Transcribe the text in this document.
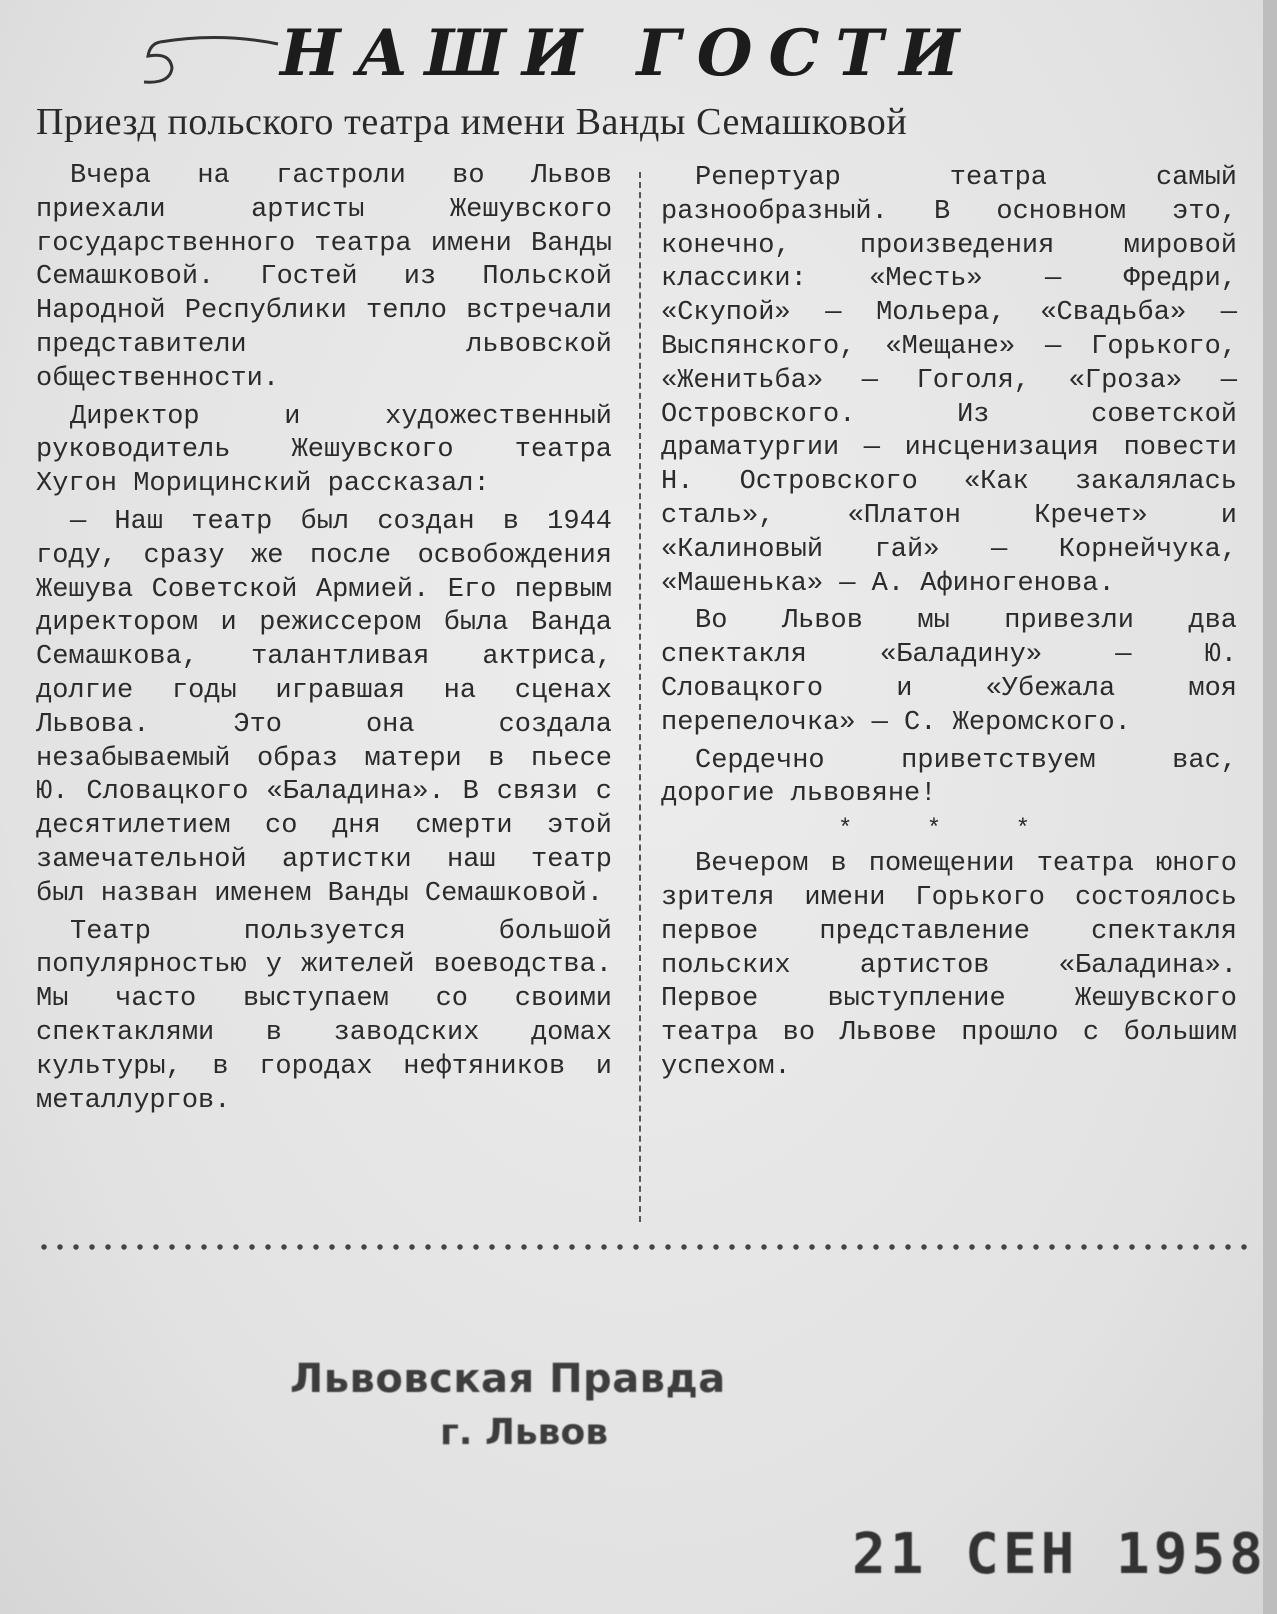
НАШИ ГОСТИ
Приезд польского театра имени Ванды Семашковой

Вчера на гастроли во Львов приехали артисты Жешувского государственного театра имени Ванды Семашковой. Гостей из Польской Народной Республики тепло встречали представители львовской общественности.

Директор и художественный руководитель Жешувского театра Хугон Морицинский рассказал:

— Наш театр был создан в 1944 году, сразу же после освобождения Жешува Советской Армией. Его первым директором и режиссером была Ванда Семашкова, талантливая актриса, долгие годы игравшая на сценах Львова. Это она создала незабываемый образ матери в пьесе Ю. Словацкого «Баладина». В связи с десятилетием со дня смерти этой замечательной артистки наш театр был назван именем Ванды Семашковой.

Театр пользуется большой популярностью у жителей воеводства. Мы часто выступаем со своими спектаклями в заводских домах культуры, в городах нефтяников и металлургов.

Репертуар театра самый разнообразный. В основном это, конечно, произведения мировой классики: «Месть» — Фредри, «Скупой» — Мольера, «Свадьба» — Выспянского, «Мещане» — Горького, «Женитьба» — Гоголя, «Гроза» — Островского. Из советской драматургии — инсценизация повести Н. Островского «Как закалялась сталь», «Платон Кречет» и «Калиновый гай» — Корнейчука, «Машенька» — А. Афиногенова.

Во Львов мы привезли два спектакля «Баладину» — Ю. Словацкого и «Убежала моя перепелочка» — С. Жеромского.

Сердечно приветствуем вас, дорогие львовяне!

* * *

Вечером в помещении театра юного зрителя имени Горького состоялось первое представление спектакля польских артистов «Баладина». Первое выступление Жешувского театра во Львове прошло с большим успехом.

Львовская Правда
г. Львов
21 СЕН 1958
